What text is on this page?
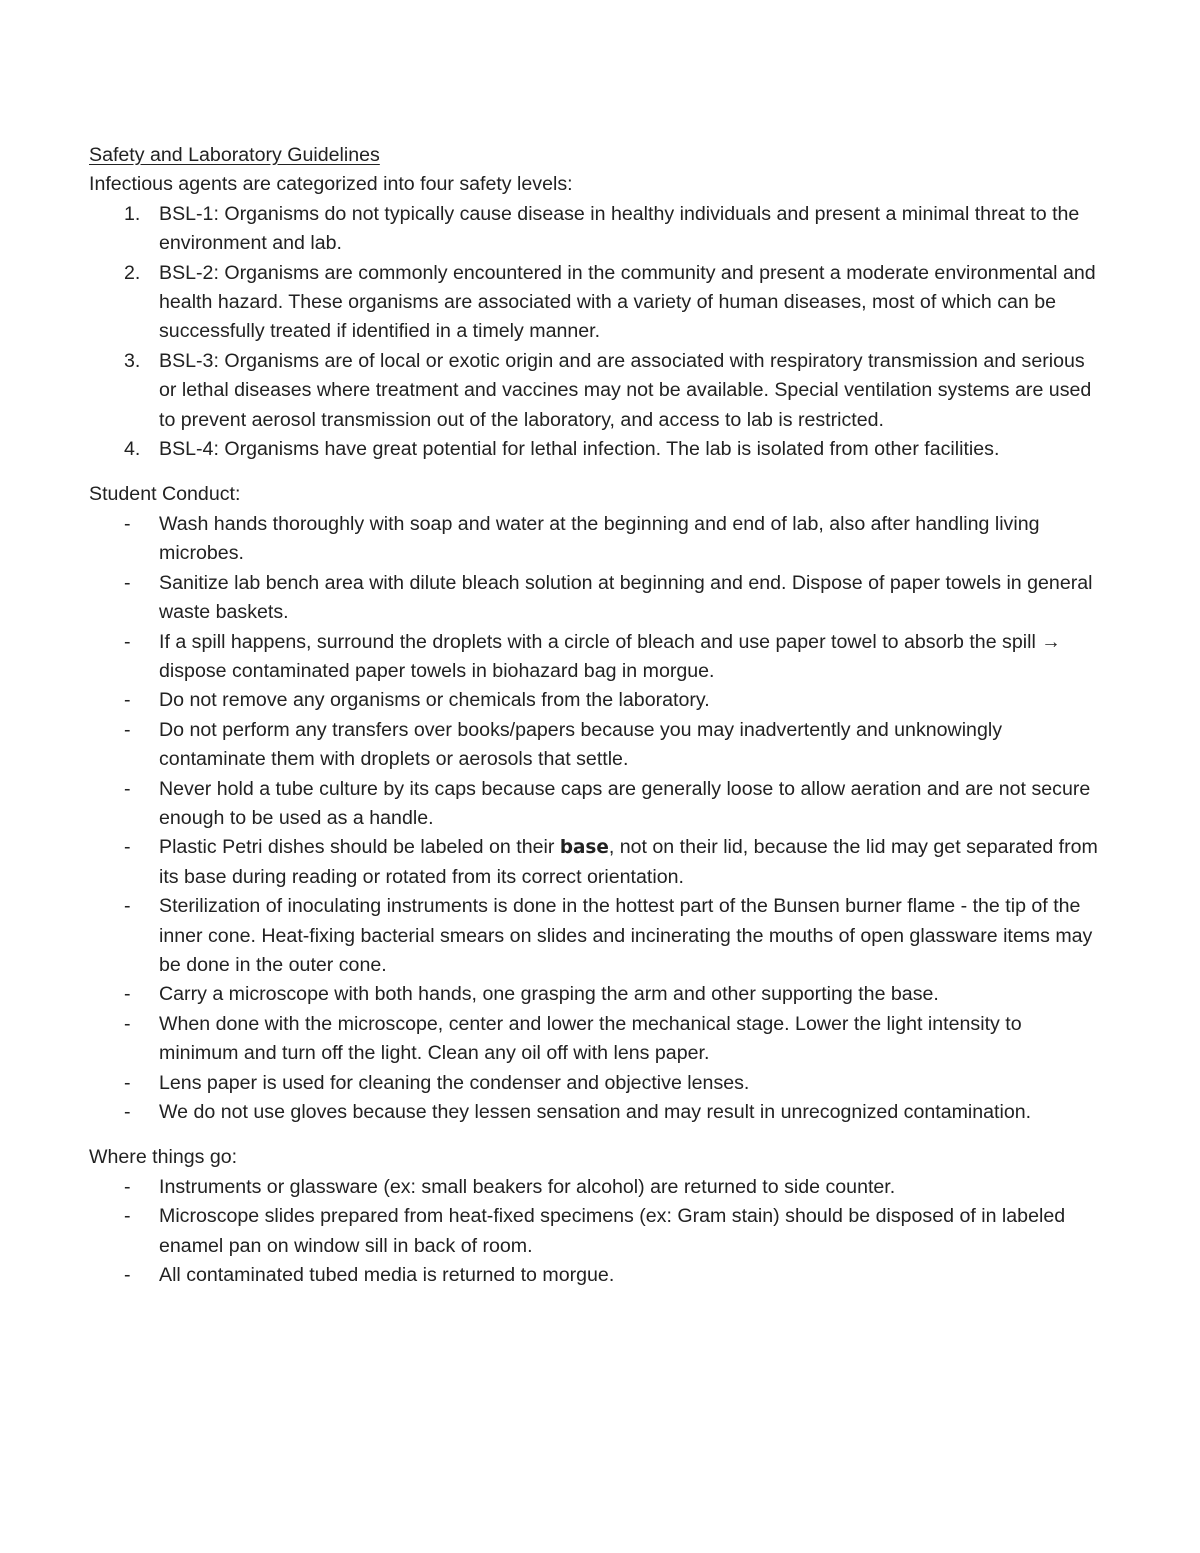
Safety and Laboratory Guidelines

Infectious agents are categorized into four safety levels:

1. BSL-1: Organisms do not typically cause disease in healthy individuals and present a minimal threat to the environment and lab.
2. BSL-2: Organisms are commonly encountered in the community and present a moderate environmental and health hazard. These organisms are associated with a variety of human diseases, most of which can be successfully treated if identified in a timely manner.
3. BSL-3: Organisms are of local or exotic origin and are associated with respiratory transmission and serious or lethal diseases where treatment and vaccines may not be available. Special ventilation systems are used to prevent aerosol transmission out of the laboratory, and access to lab is restricted.
4. BSL-4: Organisms have great potential for lethal infection. The lab is isolated from other facilities.

Student Conduct:

- Wash hands thoroughly with soap and water at the beginning and end of lab, also after handling living microbes.
- Sanitize lab bench area with dilute bleach solution at beginning and end. Dispose of paper towels in general waste baskets.
- If a spill happens, surround the droplets with a circle of bleach and use paper towel to absorb the spill → dispose contaminated paper towels in biohazard bag in morgue.
- Do not remove any organisms or chemicals from the laboratory.
- Do not perform any transfers over books/papers because you may inadvertently and unknowingly contaminate them with droplets or aerosols that settle.
- Never hold a tube culture by its caps because caps are generally loose to allow aeration and are not secure enough to be used as a handle.
- Plastic Petri dishes should be labeled on their base, not on their lid, because the lid may get separated from its base during reading or rotated from its correct orientation.
- Sterilization of inoculating instruments is done in the hottest part of the Bunsen burner flame - the tip of the inner cone. Heat-fixing bacterial smears on slides and incinerating the mouths of open glassware items may be done in the outer cone.
- Carry a microscope with both hands, one grasping the arm and other supporting the base.
- When done with the microscope, center and lower the mechanical stage. Lower the light intensity to minimum and turn off the light. Clean any oil off with lens paper.
- Lens paper is used for cleaning the condenser and objective lenses.
- We do not use gloves because they lessen sensation and may result in unrecognized contamination.

Where things go:

- Instruments or glassware (ex: small beakers for alcohol) are returned to side counter.
- Microscope slides prepared from heat-fixed specimens (ex: Gram stain) should be disposed of in labeled enamel pan on window sill in back of room.
- All contaminated tubed media is returned to morgue.
